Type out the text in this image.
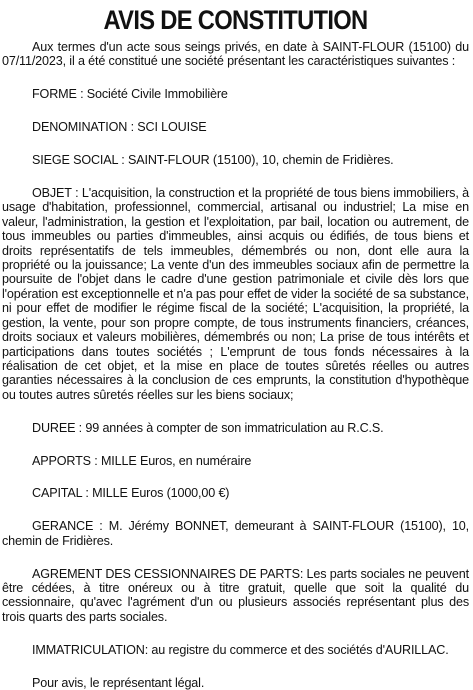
AVIS DE CONSTITUTION

Aux termes d'un acte sous seings privés, en date à SAINT-FLOUR (15100) du 07/11/2023, il a été constitué une société présentant les caractéristiques suivantes :

FORME : Société Civile Immobilière

DENOMINATION : SCI LOUISE

SIEGE SOCIAL : SAINT-FLOUR (15100), 10, chemin de Fridières.

OBJET : L'acquisition, la construction et la propriété de tous biens immobiliers, à usage d'habitation, professionnel, commercial, artisanal ou industriel; La mise en valeur, l'administration, la gestion et l'exploitation, par bail, location ou autrement, de tous immeubles ou parties d'immeubles, ainsi acquis ou édifiés, de tous biens et droits représentatifs de tels immeubles, démembrés ou non, dont elle aura la propriété ou la jouissance; La vente d'un des immeubles sociaux afin de permettre la poursuite de l'objet dans le cadre d'une gestion patrimoniale et civile dès lors que l'opération est exceptionnelle et n'a pas pour effet de vider la société de sa substance, ni pour effet de modifier le régime fiscal de la société; L'acquisition, la propriété, la gestion, la vente, pour son propre compte, de tous instruments financiers, créances, droits sociaux et valeurs mobilières, démembrés ou non; La prise de tous intérêts et participations dans toutes sociétés ; L'emprunt de tous fonds nécessaires à la réalisation de cet objet, et la mise en place de toutes sûretés réelles ou autres garanties nécessaires à la conclusion de ces emprunts, la constitution d'hypothèque ou toutes autres sûretés réelles sur les biens sociaux;

DUREE : 99 années à compter de son immatriculation au R.C.S.

APPORTS : MILLE Euros, en numéraire

CAPITAL : MILLE Euros (1000,00 €)

GERANCE : M. Jérémy BONNET, demeurant à SAINT-FLOUR (15100), 10, chemin de Fridières.

AGREMENT DES CESSIONNAIRES DE PARTS: Les parts sociales ne peuvent être cédées, à titre onéreux ou à titre gratuit, quelle que soit la qualité du cessionnaire, qu'avec l'agrément d'un ou plusieurs associés représentant plus des trois quarts des parts sociales.

IMMATRICULATION: au registre du commerce et des sociétés d'AURILLAC.

Pour avis, le représentant légal.
